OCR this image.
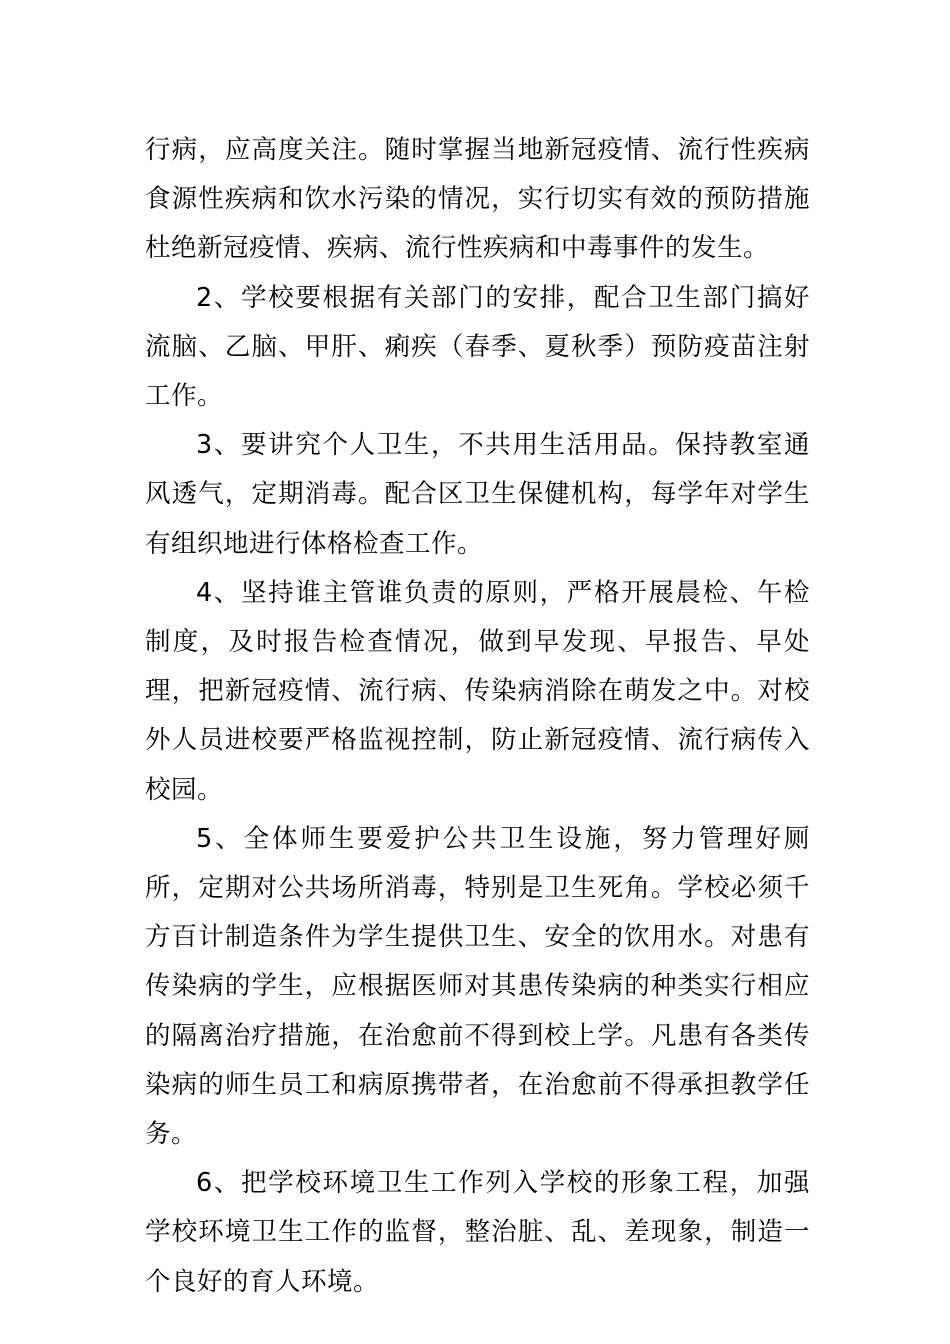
行病，应高度关注。随时掌握当地新冠疫情、流行性疾病食源性疾病和饮水污染的情况，实行切实有效的预防措施杜绝新冠疫情、疾病、流行性疾病和中毒事件的发生。

2、学校要根据有关部门的安排，配合卫生部门搞好流脑、乙脑、甲肝、痢疾（春季、夏秋季）预防疫苗注射工作。

3、要讲究个人卫生，不共用生活用品。保持教室通风透气，定期消毒。配合区卫生保健机构，每学年对学生有组织地进行体格检查工作。

4、坚持谁主管谁负责的原则，严格开展晨检、午检制度，及时报告检查情况，做到早发现、早报告、早处理，把新冠疫情、流行病、传染病消除在萌发之中。对校外人员进校要严格监视控制，防止新冠疫情、流行病传入校园。

5、全体师生要爱护公共卫生设施，努力管理好厕所，定期对公共场所消毒，特别是卫生死角。学校必须千方百计制造条件为学生提供卫生、安全的饮用水。对患有传染病的学生，应根据医师对其患传染病的种类实行相应的隔离治疗措施，在治愈前不得到校上学。凡患有各类传染病的师生员工和病原携带者，在治愈前不得承担教学任务。

6、把学校环境卫生工作列入学校的形象工程，加强学校环境卫生工作的监督，整治脏、乱、差现象，制造一个良好的育人环境。
